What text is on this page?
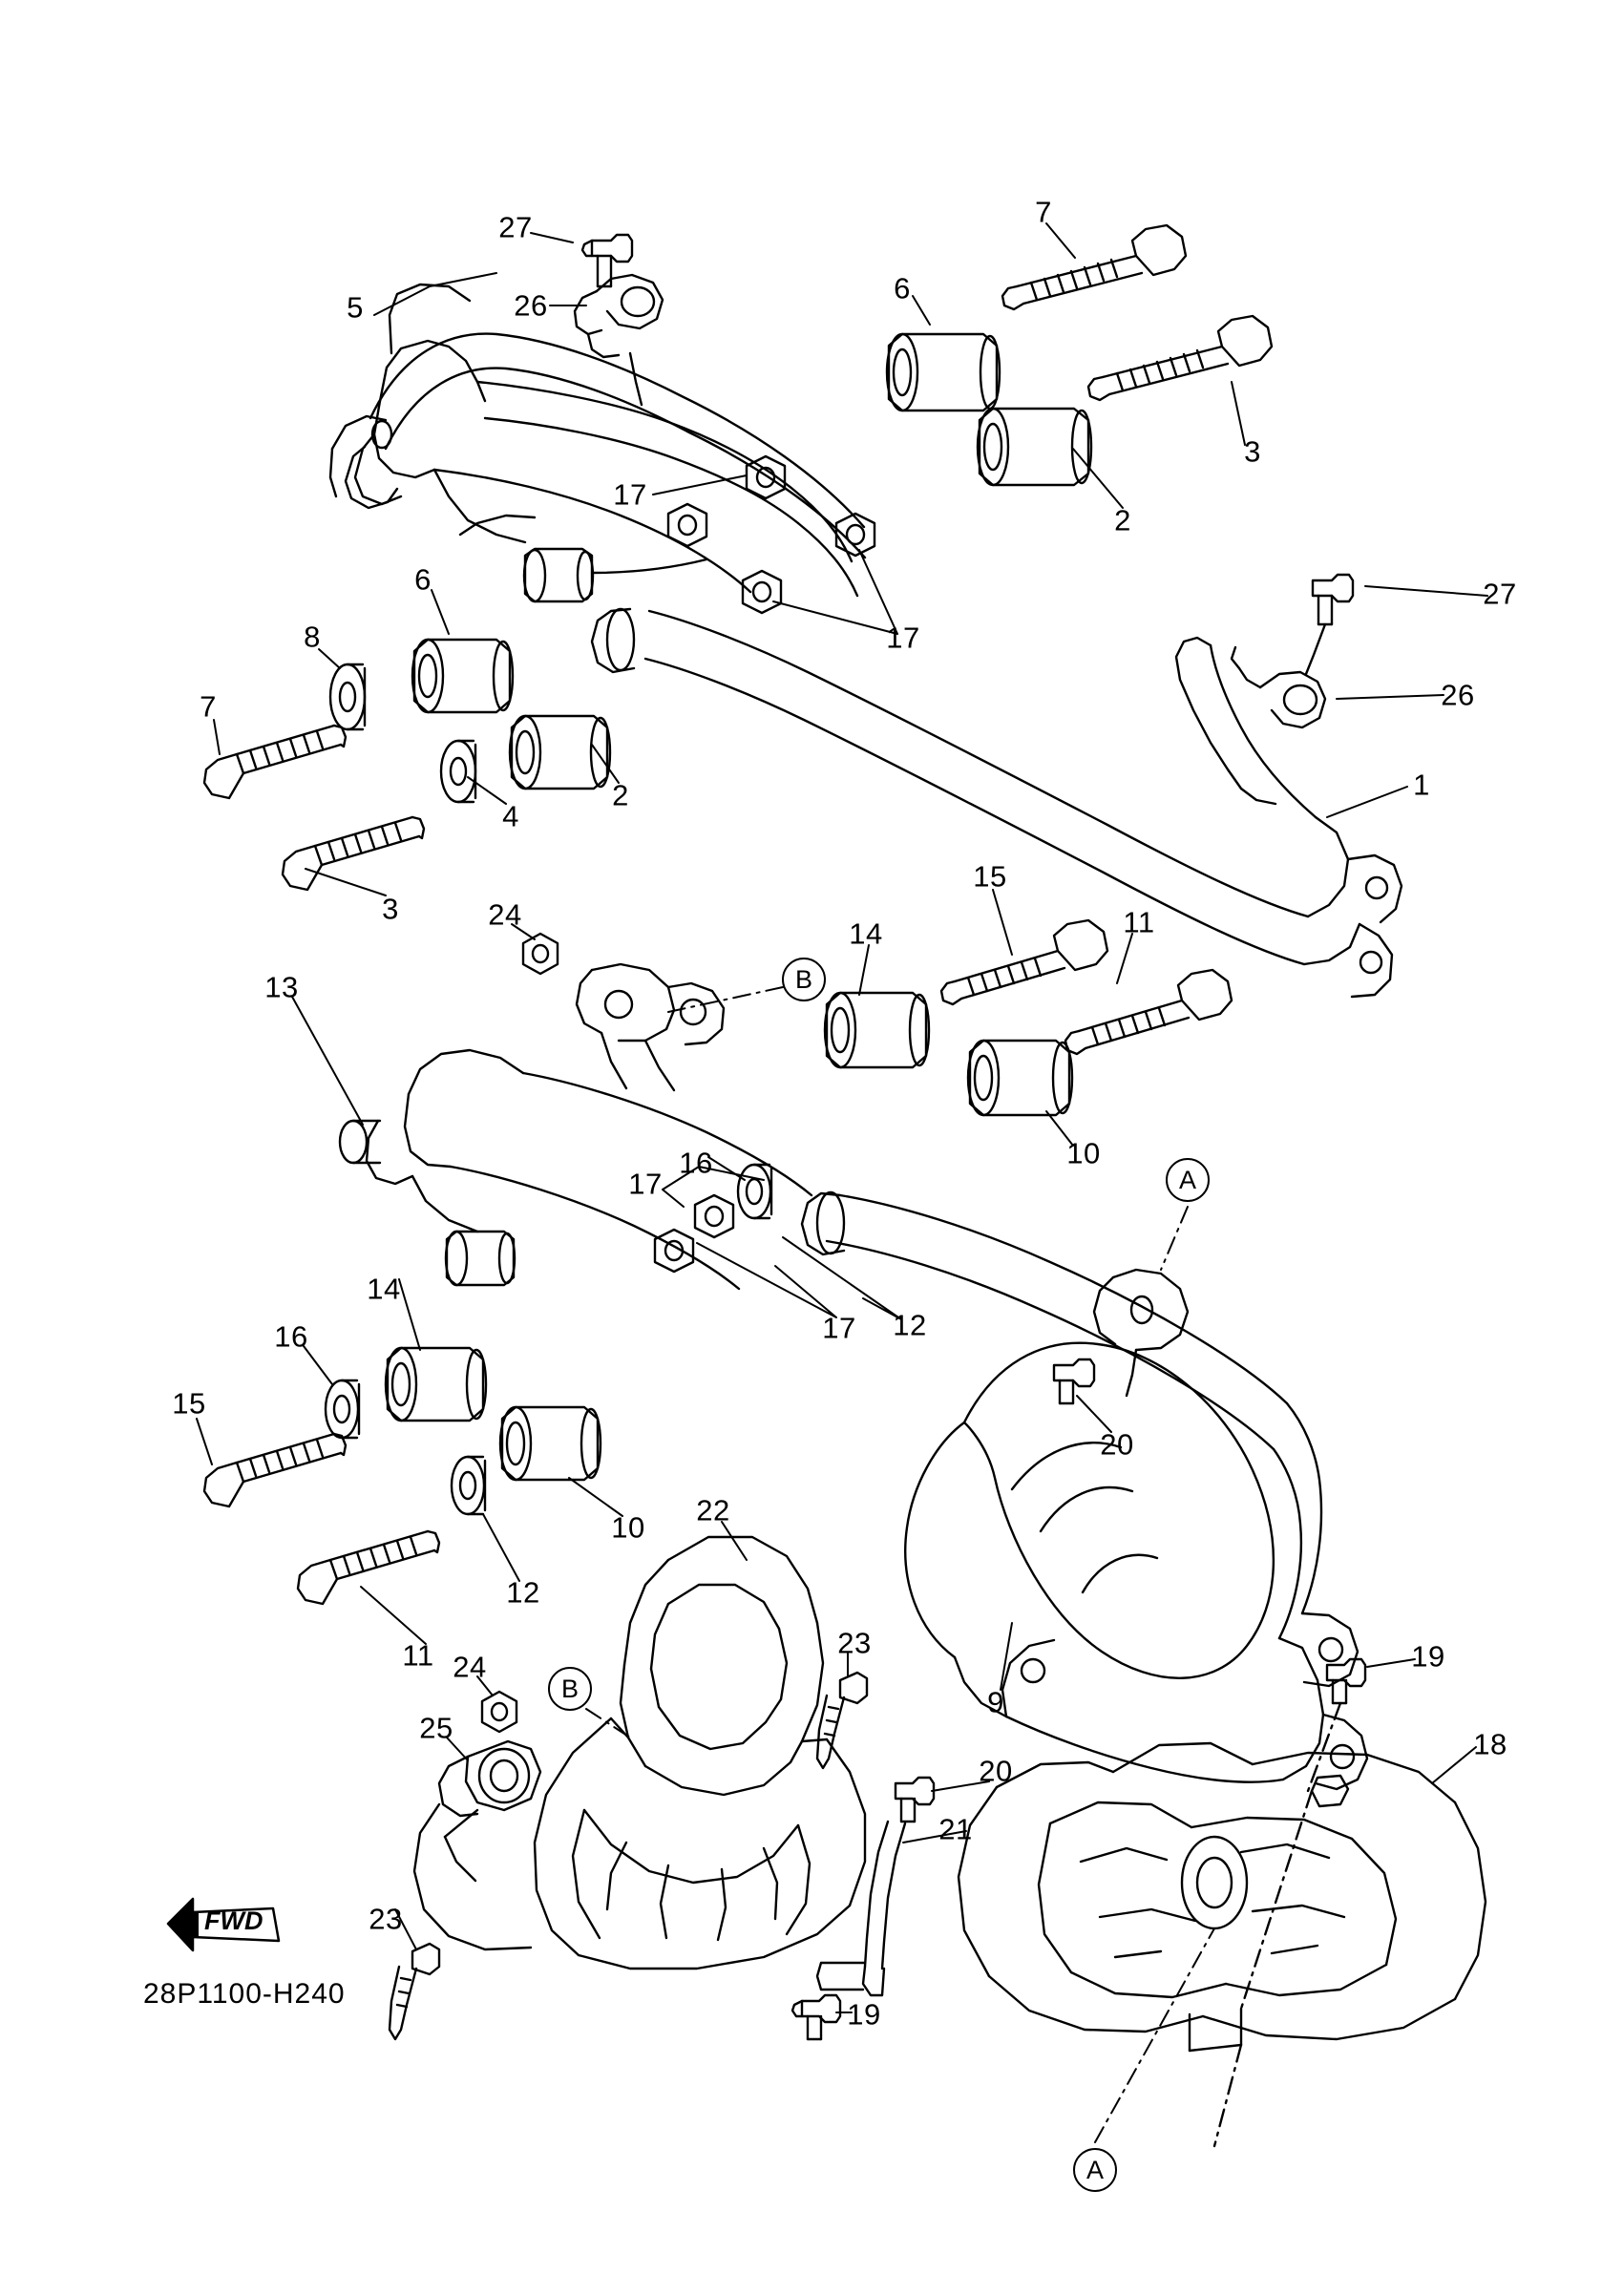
FWD
28P1100-H240
27
26
5
6
7
3
2
17
17
6
8
7
2
4
3
27
26
1
24
14
15
11
13
10
16
17
12
17
14
16
15
10
12
11 24
25
20
22
23
9
19
18
20
21
23
19
B
A
B
A
